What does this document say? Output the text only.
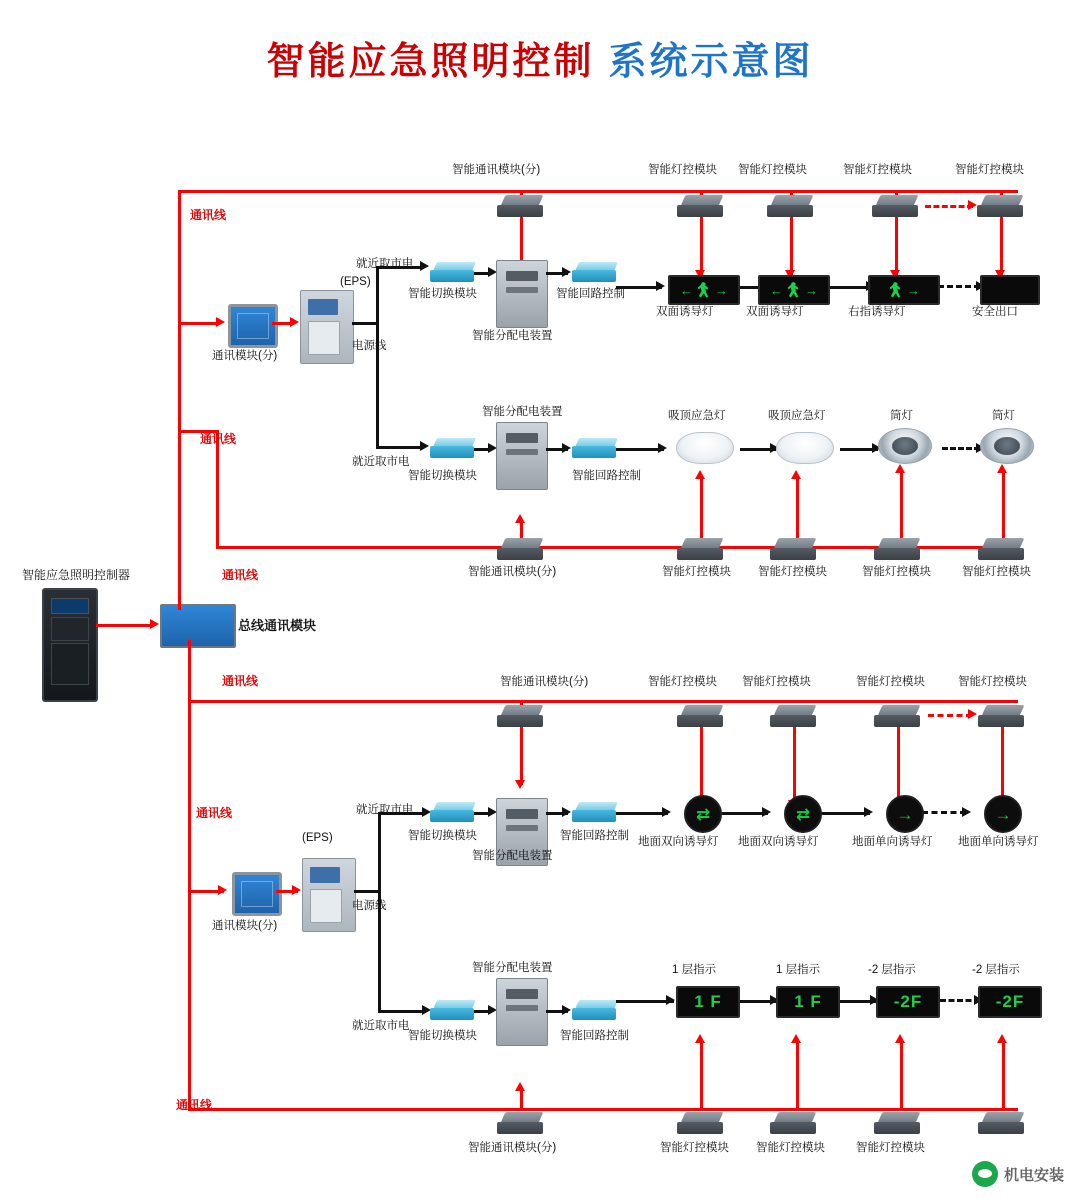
智能应急照明控制 系统示意图
智能应急照明控制器
总线通讯模块
通讯线
智能通讯模块(分)	智能灯控模块 智能灯控模块	智能灯控模块	智能灯控模块
通讯模块(分)
(EPS)
电源线
就近取市电
智能切换模块
智能分配电装置
智能回路控制
双面诱导灯
← →
双面诱导灯
← →
右指诱导灯
→
安全出口
就近取市电
智能切换模块
智能分配电装置
智能回路控制
吸顶应急灯	吸顶应急灯	筒灯	筒灯
通讯线
通讯线	智能通讯模块(分)	智能灯控模块 智能灯控模块	智能灯控模块	智能灯控模块
通讯线	智能通讯模块(分)	智能灯控模块 智能灯控模块	智能灯控模块	智能灯控模块
通讯模块(分)
(EPS)
电源线
就近取市电
智能切换模块
智能分配电装置
智能回路控制 地面双向诱导灯
⇄
地面双向诱导灯
⇄
地面单向诱导灯
→
地面单向诱导灯
→
就近取市电
智能切换模块
智能分配电装置
智能回路控制
1 层指示
1 F
1 层指示
1 F
-2 层指示
-2F
-2 层指示
-2F
通讯线
通讯线
智能通讯模块(分)	智能灯控模块 智能灯控模块	智能灯控模块
机电安装
